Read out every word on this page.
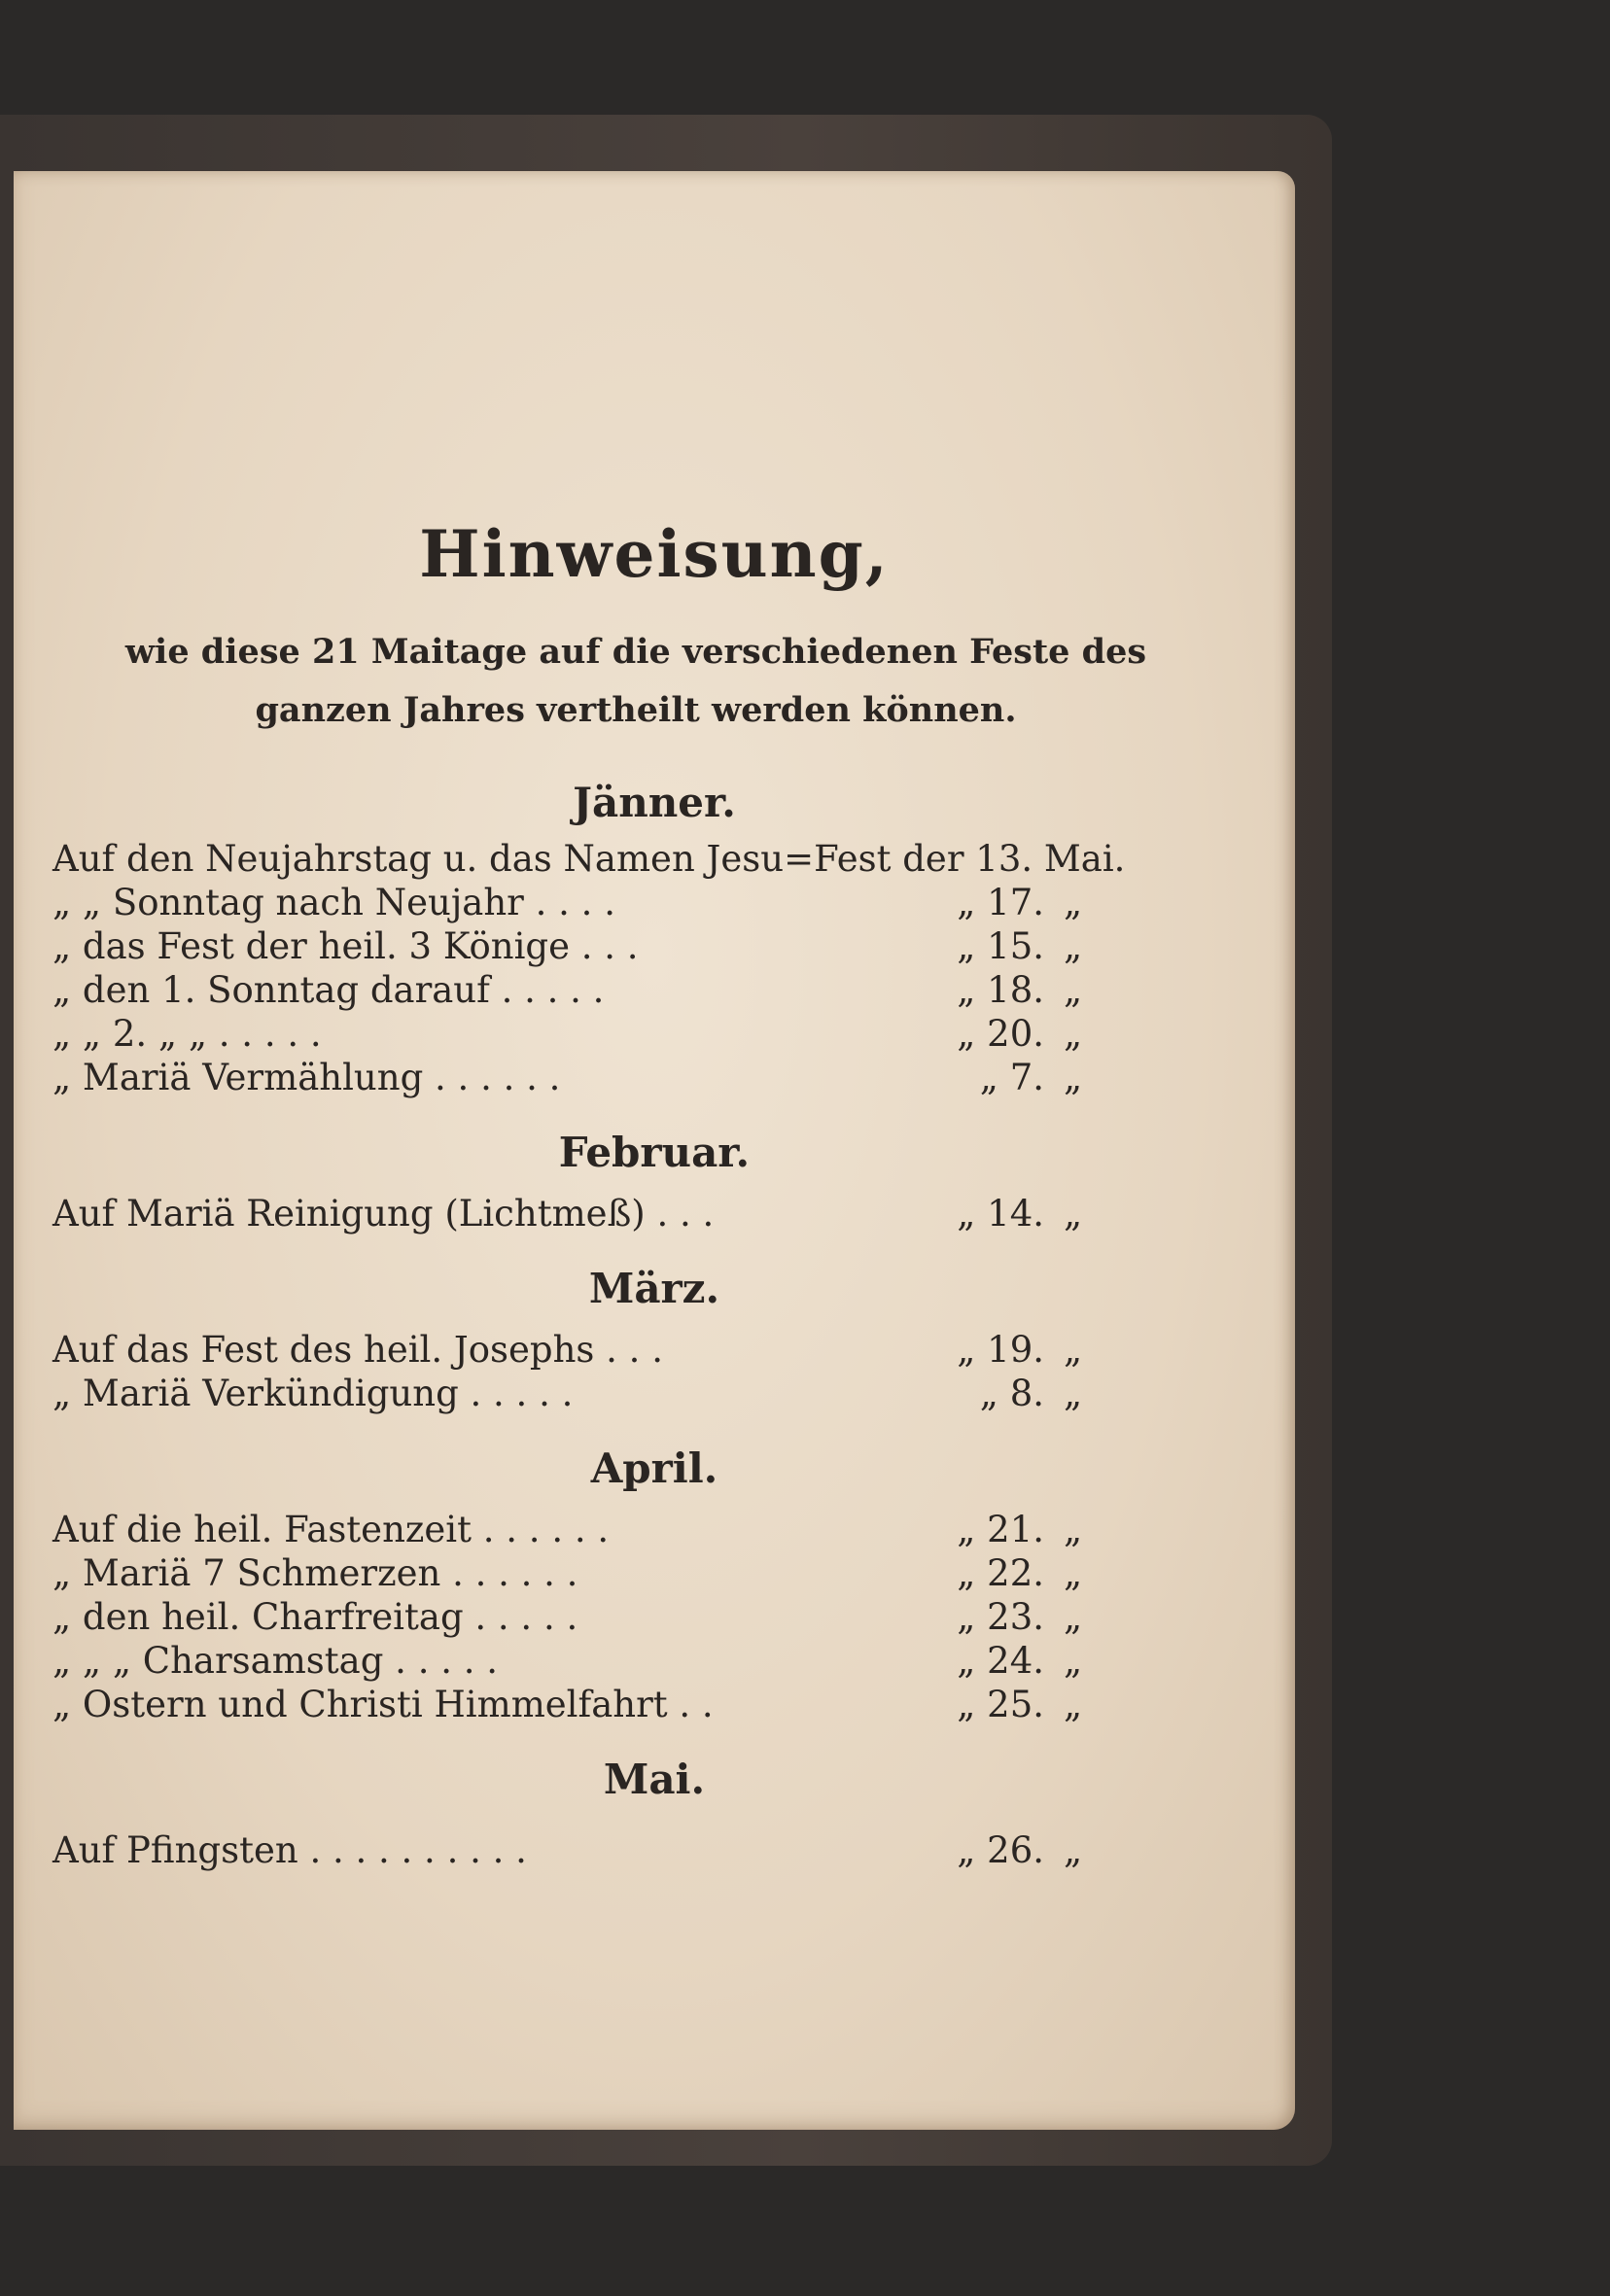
Hinweisung,
wie diese 21 Maitage auf die verschiedenen Feste des
ganzen Jahres vertheilt werden können.
Jänner.
Auf den Neujahrstag u. das Namen Jesu=Fest der 13. Mai.
„ „ Sonntag nach Neujahr . . . .	„ 17. „
„ das Fest der heil. 3 Könige . . .	„ 15. „
„ den 1. Sonntag darauf . . . . .	„ 18. „
„ „ 2. „ „ . . . . .	„ 20. „
„ Mariä Vermählung . . . . . .	„ 7. „
Februar.
Auf Mariä Reinigung (Lichtmeß) . . .	„ 14. „
März.
Auf das Fest des heil. Josephs . . .	„ 19. „
„ Mariä Verkündigung . . . . .	„ 8. „
April.
Auf die heil. Fastenzeit . . . . . .	„ 21. „
„ Mariä 7 Schmerzen . . . . . .	„ 22. „
„ den heil. Charfreitag . . . . .	„ 23. „
„ „ „ Charsamstag . . . . .	„ 24. „
„ Ostern und Christi Himmelfahrt . .	„ 25. „
Mai.
Auf Pfingsten . . . . . . . . . .	„ 26. „
